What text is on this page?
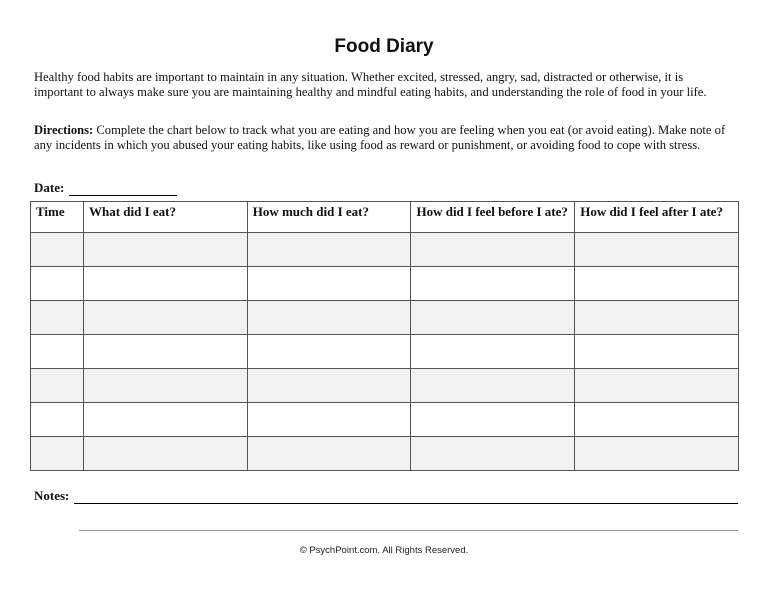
Food Diary
Healthy food habits are important to maintain in any situation. Whether excited, stressed, angry, sad, distracted or otherwise, it is important to always make sure you are maintaining healthy and mindful eating habits, and understanding the role of food in your life.
Directions: Complete the chart below to track what you are eating and how you are feeling when you eat (or avoid eating). Make note of any incidents in which you abused your eating habits, like using food as reward or punishment, or avoiding food to cope with stress.
Date:
Time	What did I eat?	How much did I eat?	How did I feel before I ate?	How did I feel after I ate?

Notes:
© PsychPoint.com. All Rights Reserved.
